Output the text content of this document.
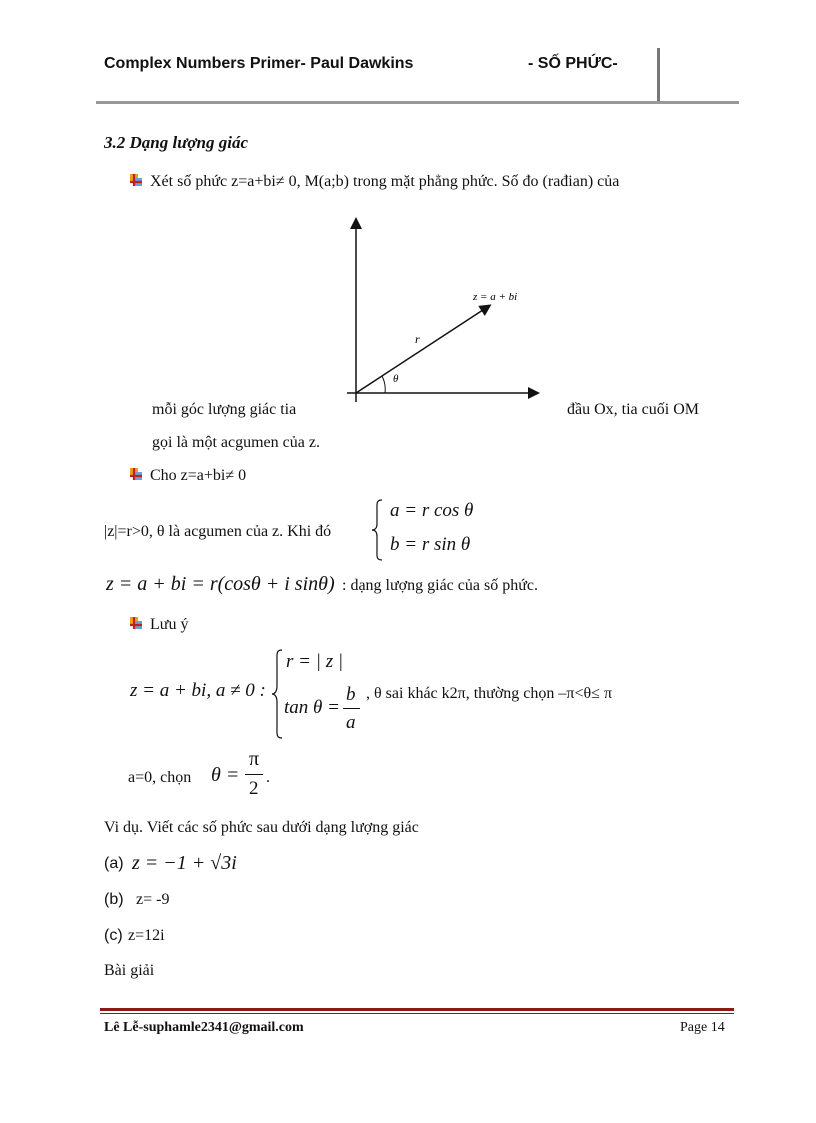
Complex Numbers Primer- Paul Dawkins	- SỐ PHỨC-
3.2 Dạng lượng giác
Xét số phức z=a+bi≠ 0, M(a;b) trong mặt phẳng phức. Số đo (rađian) của
z = a + bi
r
θ
mỗi góc lượng giác tia	đầu Ox, tia cuối OM
gọi là một acgumen của z.
Cho z=a+bi≠ 0
|z|=r>0, θ là acgumen của z. Khi đó
a = r cos θ
b = r sin θ
z = a + bi = r(cosθ + i sinθ) : dạng lượng giác của số phức.
Lưu ý
z = a + bi, a ≠ 0 :
r = | z |
tan θ =
b
a
, θ sai khác k2π, thường chọn –π<θ≤ π
a=0, chọn θ =
π
2
.
Vi dụ. Viết các số phức sau dưới dạng lượng giác
(a) z = −1 + √3i
(b) z= -9
(c) z=12i
Bài giải
Lê Lễ-suphamle2341@gmail.com	Page 14
